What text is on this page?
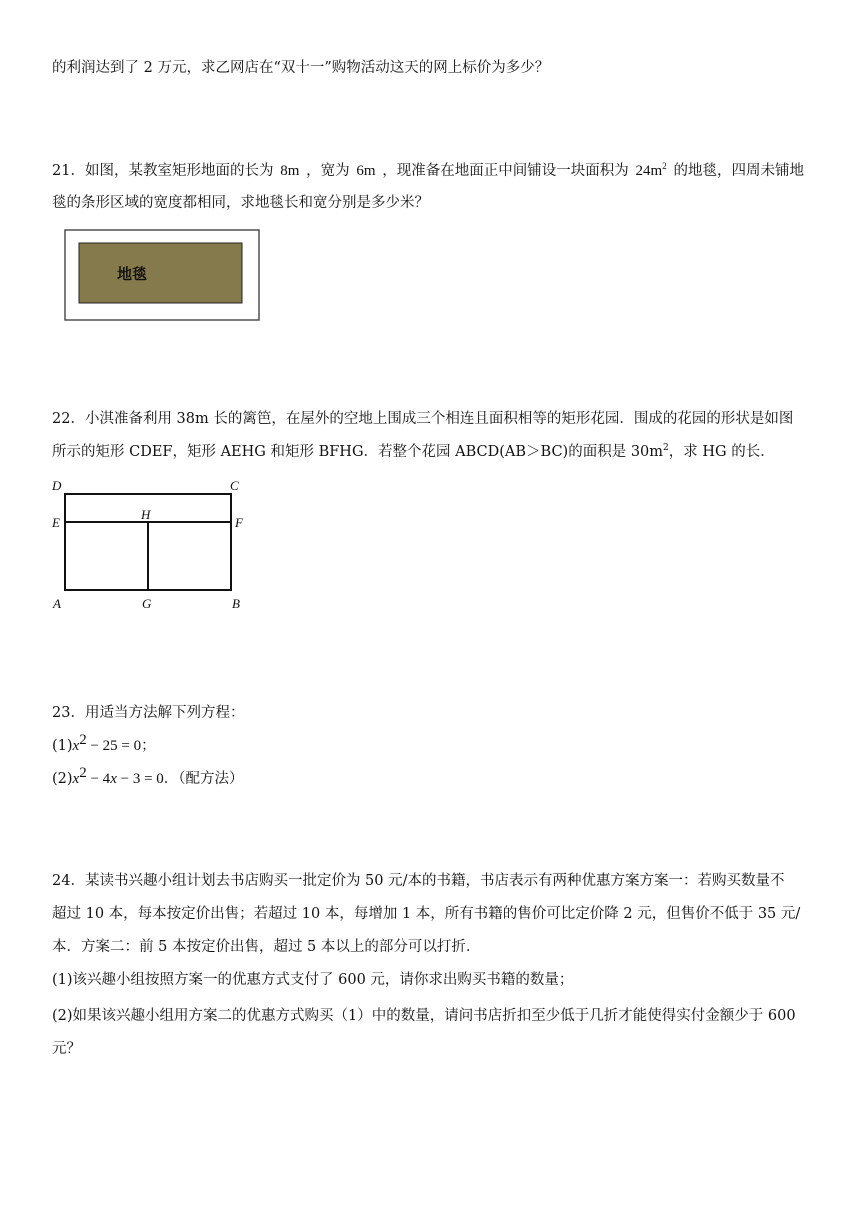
的利润达到了 2 万元，求乙网店在“双十一”购物活动这天的网上标价为多少？
21．如图，某教室矩形地面的长为 8m ，宽为 6m ，现准备在地面正中间铺设一块面积为 $24m^2$ 的地毯，四周未铺地
毯的条形区域的宽度都相同，求地毯长和宽分别是多少米？
地毯
22．小淇准备利用 38m 长的篱笆，在屋外的空地上围成三个相连且面积相等的矩形花园．围成的花园的形状是如图
所示的矩形 CDEF，矩形 AEHG 和矩形 BFHG．若整个花园 ABCD(AB＞BC)的面积是 $30m^2$，求 HG 的长．
D	C
E
H
F
A	G	B
23．用适当方法解下列方程：
$(1)x^2 - 25 = 0$；
$(2)x^2 - 4x - 3 = 0$．（配方法）
24．某读书兴趣小组计划去书店购买一批定价为 50 元/本的书籍，书店表示有两种优惠方案方案一：若购买数量不
超过 10 本，每本按定价出售；若超过 10 本，每增加 1 本，所有书籍的售价可比定价降 2 元，但售价不低于 35 元/
本．方案二：前 5 本按定价出售，超过 5 本以上的部分可以打折．
(1)该兴趣小组按照方案一的优惠方式支付了 600 元，请你求出购买书籍的数量；
(2)如果该兴趣小组用方案二的优惠方式购买（1）中的数量，请问书店折扣至少低于几折才能使得实付金额少于 600
元？
